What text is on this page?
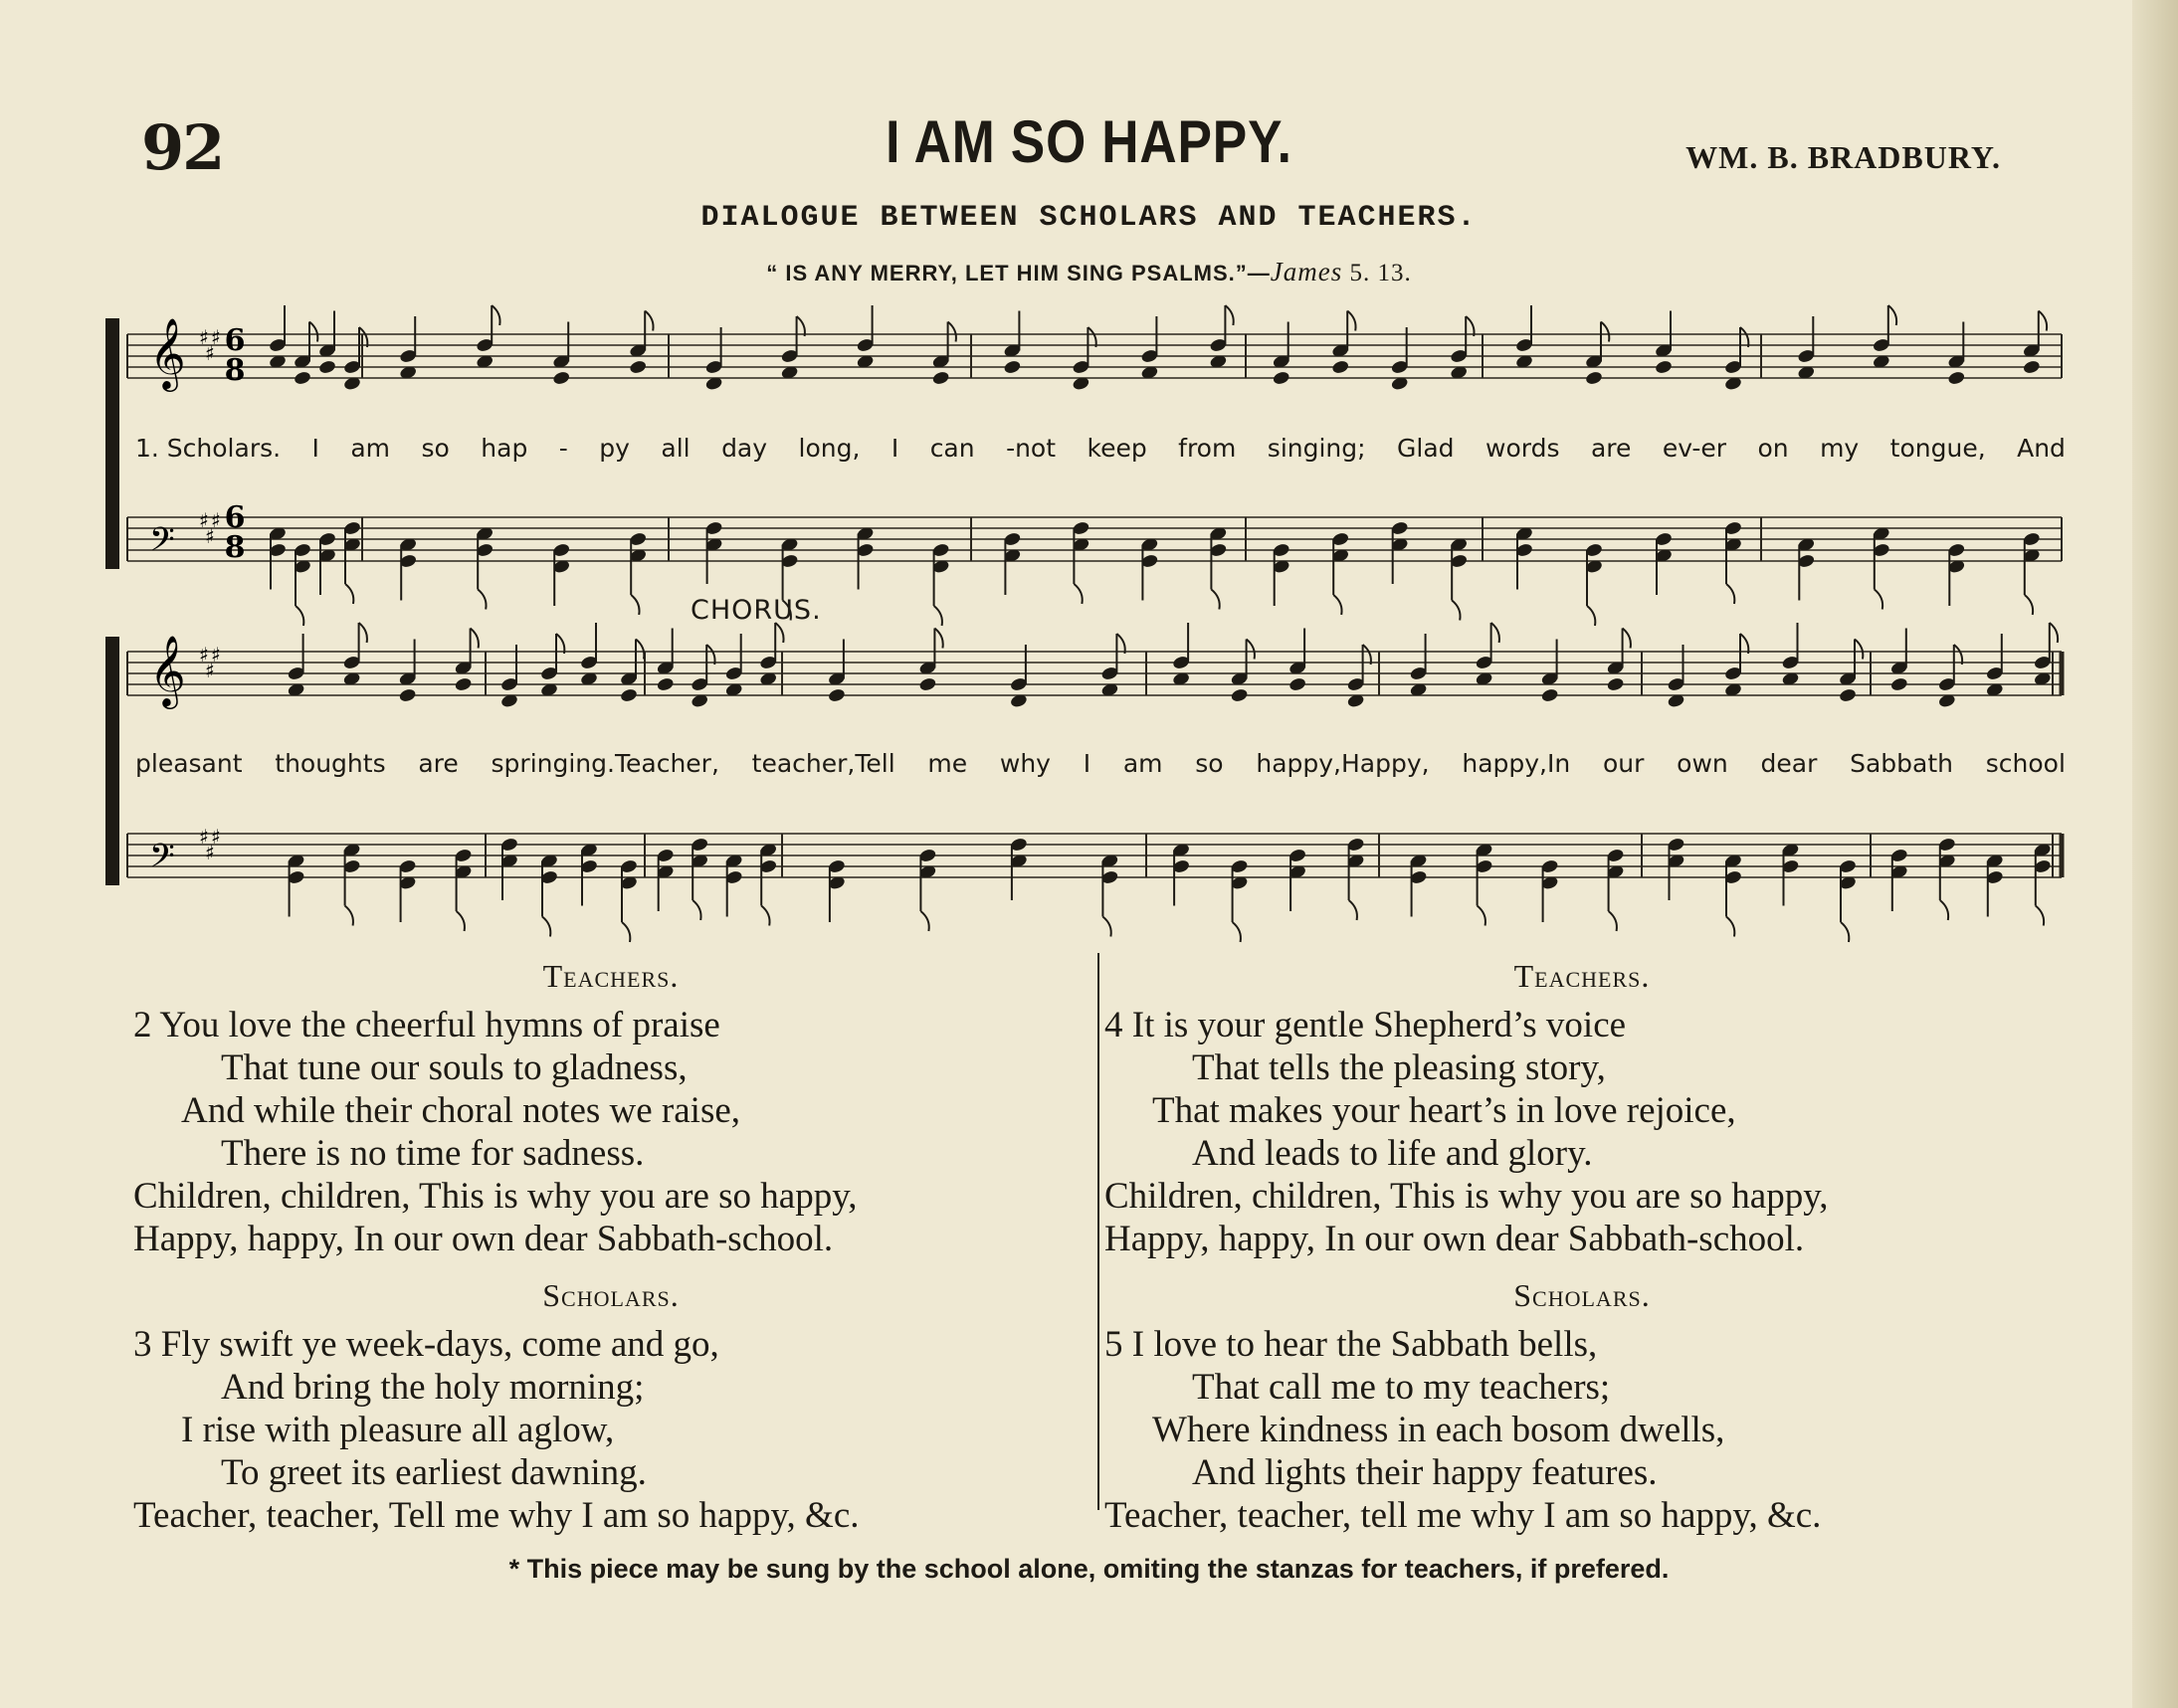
92	I AM SO HAPPY.	WM. B. BRADBURY.
DIALOGUE BETWEEN SCHOLARS AND TEACHERS.
“ IS ANY MERRY, LET HIM SING PSALMS.”—James 5. 13.
𝄞 ♯
♯
♯
𝄢
♯
♯
♯
𝄞 ♯
♯
♯
𝄢
♯
♯
♯
6
8
6
8
1. Scholars. I am so hap - py all day long, I can -not keep from singing; Glad words are ev-er on my tongue, And
CHORUS.
pleasant thoughts are springing.Teacher, teacher,Tell me why I am so happy,Happy, happy,In our own dear Sabbath school
Teachers.
2 You love the cheerful hymns of praise
That tune our souls to gladness,
And while their choral notes we raise,
There is no time for sadness.
Children, children, This is why you are so happy,
Happy, happy, In our own dear Sabbath-school.
Scholars.
3 Fly swift ye week-days, come and go,
And bring the holy morning;
I rise with pleasure all aglow,
To greet its earliest dawning.
Teacher, teacher, Tell me why I am so happy, &c.
Teachers.
4 It is your gentle Shepherd’s voice
That tells the pleasing story,
That makes your heart’s in love rejoice,
And leads to life and glory.
Children, children, This is why you are so happy,
Happy, happy, In our own dear Sabbath-school.
Scholars.
5 I love to hear the Sabbath bells,
That call me to my teachers;
Where kindness in each bosom dwells,
And lights their happy features.
Teacher, teacher, tell me why I am so happy, &c.
* This piece may be sung by the school alone, omiting the stanzas for teachers, if prefered.
